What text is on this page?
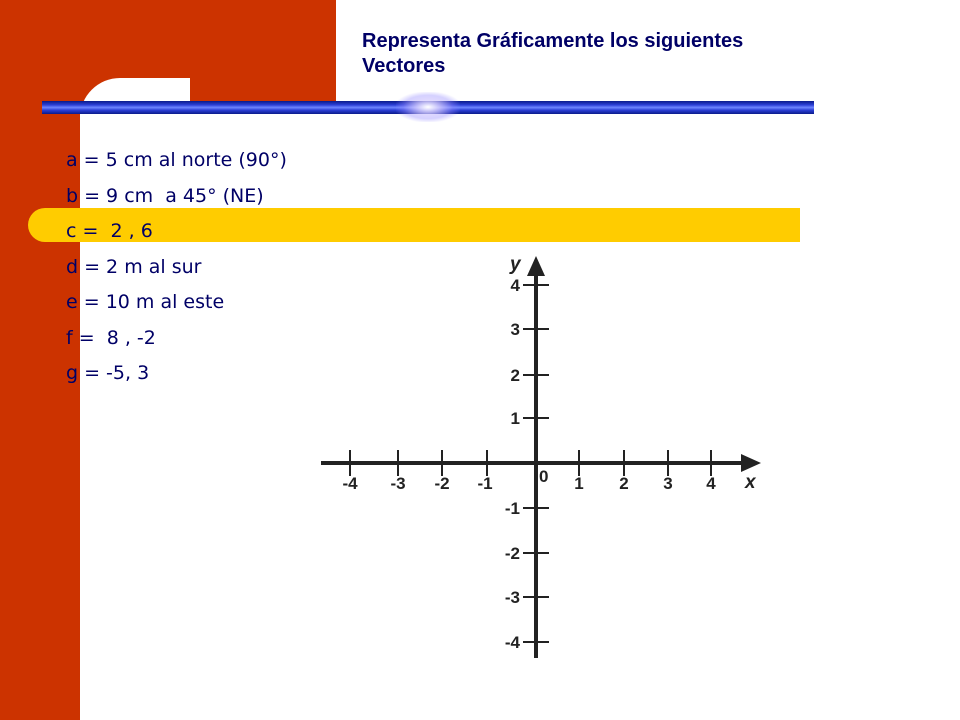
Representa Gráficamente los siguientes
Vectores
a = 5 cm al norte (90°)
b = 9 cm  a 45° (NE)
c =  2 , 6
d = 2 m al sur
e = 10 m al este
f =  8 , -2
g = -5, 3
x
y
0
-4 -3 -2 -1	1 2 3 4
4
3
2
1
-1
-2
-3
-4
